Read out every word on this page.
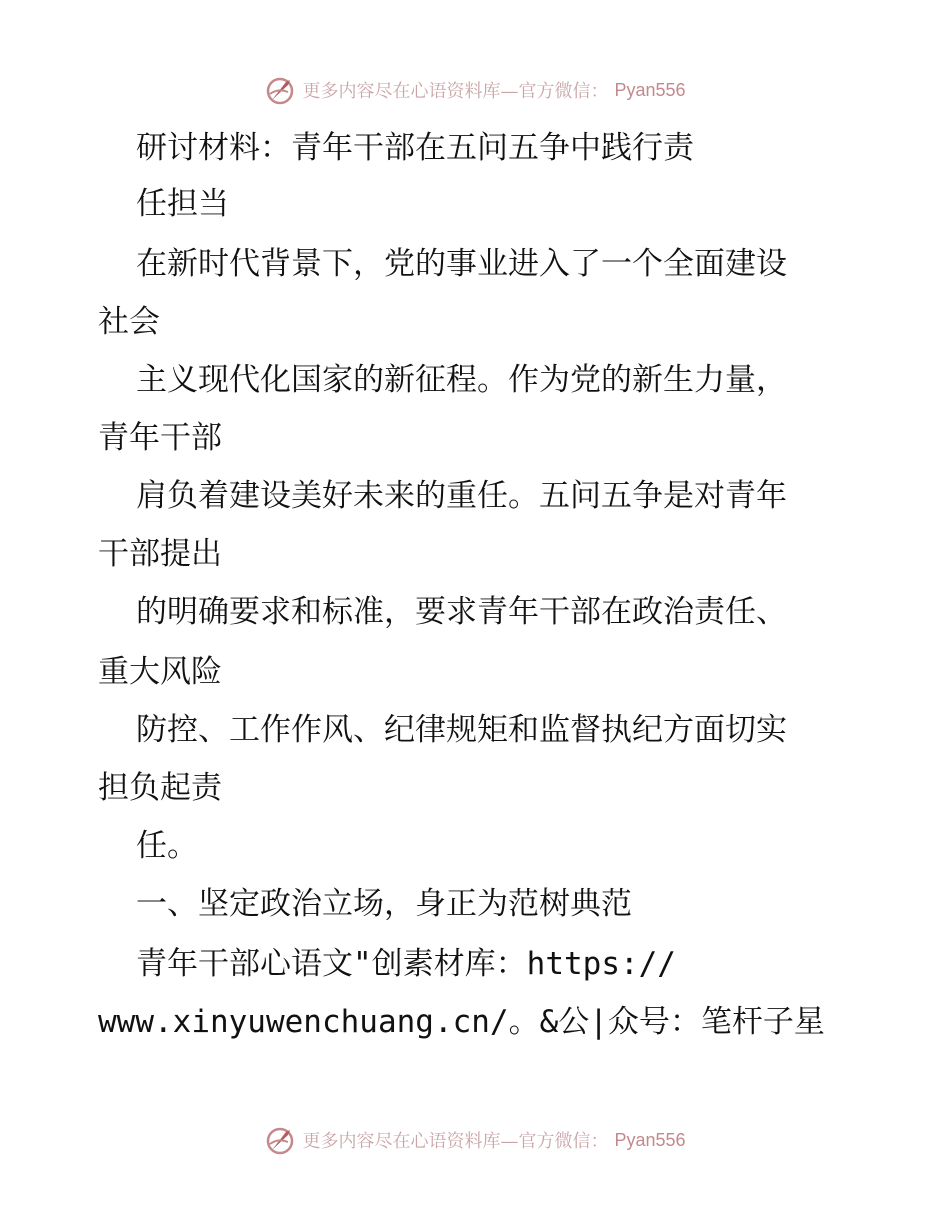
更多内容尽在心语资料库—官方微信： Pyan556
研讨材料：青年干部在五问五争中践行责
任担当
在新时代背景下，党的事业进入了一个全面建设
社会
主义现代化国家的新征程。作为党的新生力量，
青年干部
肩负着建设美好未来的重任。五问五争是对青年
干部提出
的明确要求和标准，要求青年干部在政治责任、
重大风险
防控、工作作风、纪律规矩和监督执纪方面切实
担负起责
任。
一、坚定政治立场，身正为范树典范
青年干部心语文"创素材库：https://
www.xinyuwenchuang.cn/。&公|众号：笔杆子星
更多内容尽在心语资料库—官方微信： Pyan556
